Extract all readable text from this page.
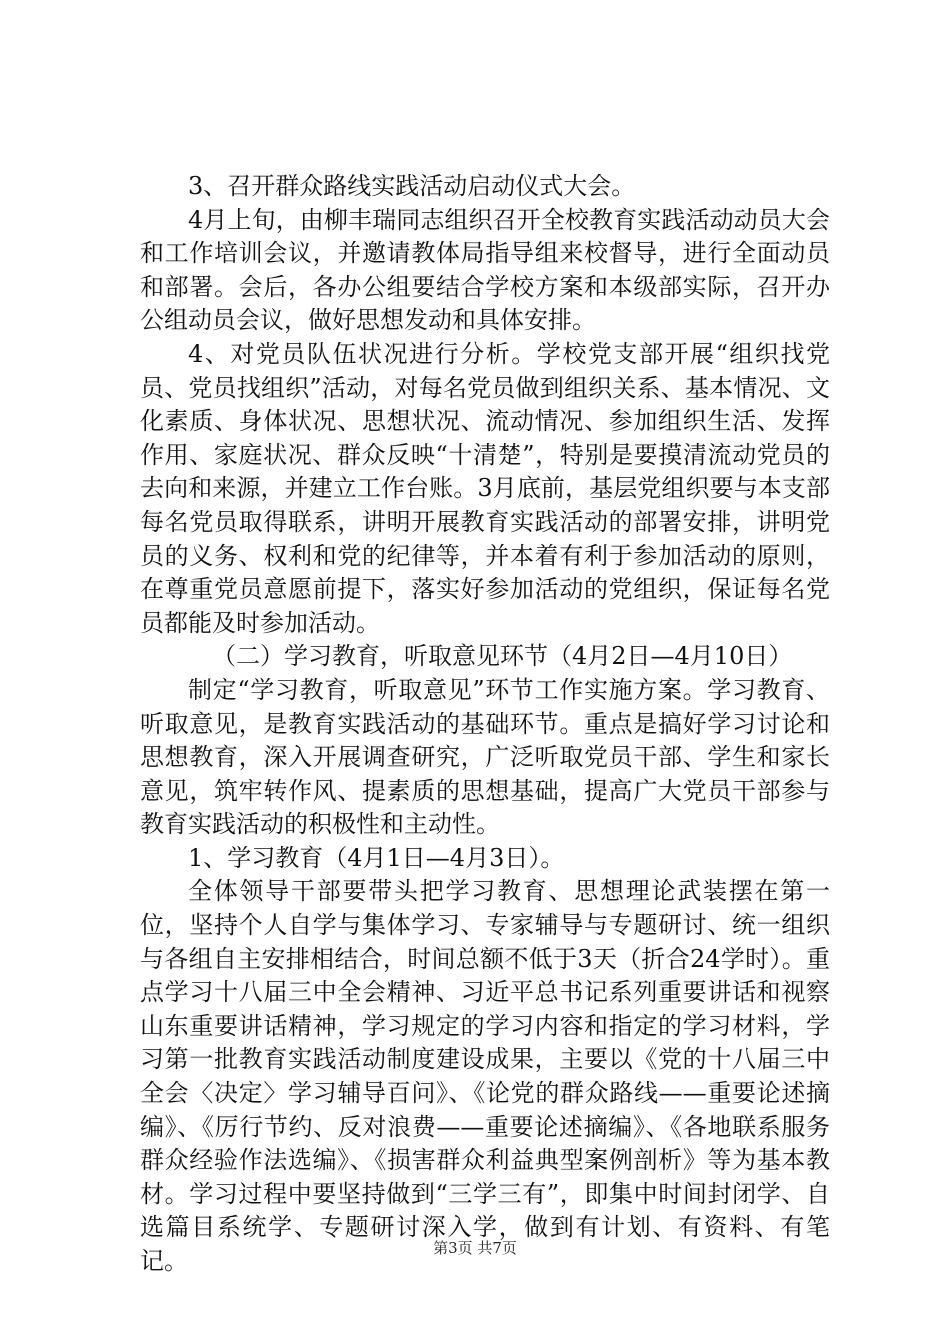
3、召开群众路线实践活动启动仪式大会。

4月上旬，由柳丰瑞同志组织召开全校教育实践活动动员大会和工作培训会议，并邀请教体局指导组来校督导，进行全面动员和部署。会后，各办公组要结合学校方案和本级部实际，召开办公组动员会议，做好思想发动和具体安排。

4、对党员队伍状况进行分析。学校党支部开展“组织找党员、党员找组织”活动，对每名党员做到组织关系、基本情况、文化素质、身体状况、思想状况、流动情况、参加组织生活、发挥作用、家庭状况、群众反映“十清楚”，特别是要摸清流动党员的去向和来源，并建立工作台账。3月底前，基层党组织要与本支部每名党员取得联系，讲明开展教育实践活动的部署安排，讲明党员的义务、权利和党的纪律等，并本着有利于参加活动的原则，在尊重党员意愿前提下，落实好参加活动的党组织，保证每名党员都能及时参加活动。

（二）学习教育，听取意见环节（4月2日—4月10日）

制定“学习教育，听取意见”环节工作实施方案。学习教育、听取意见，是教育实践活动的基础环节。重点是搞好学习讨论和思想教育，深入开展调查研究，广泛听取党员干部、学生和家长意见，筑牢转作风、提素质的思想基础，提高广大党员干部参与教育实践活动的积极性和主动性。

1、学习教育（4月1日—4月3日）。

全体领导干部要带头把学习教育、思想理论武装摆在第一位，坚持个人自学与集体学习、专家辅导与专题研讨、统一组织与各组自主安排相结合，时间总额不低于3天（折合24学时）。重点学习十八届三中全会精神、习近平总书记系列重要讲话和视察山东重要讲话精神，学习规定的学习内容和指定的学习材料，学习第一批教育实践活动制度建设成果，主要以《党的十八届三中全会〈决定〉学习辅导百问》、《论党的群众路线——重要论述摘编》、《厉行节约、反对浪费——重要论述摘编》、《各地联系服务群众经验作法选编》、《损害群众利益典型案例剖析》等为基本教材。学习过程中要坚持做到“三学三有”，即集中时间封闭学、自选篇目系统学、专题研讨深入学，做到有计划、有资料、有笔记。	第3页 共7页
